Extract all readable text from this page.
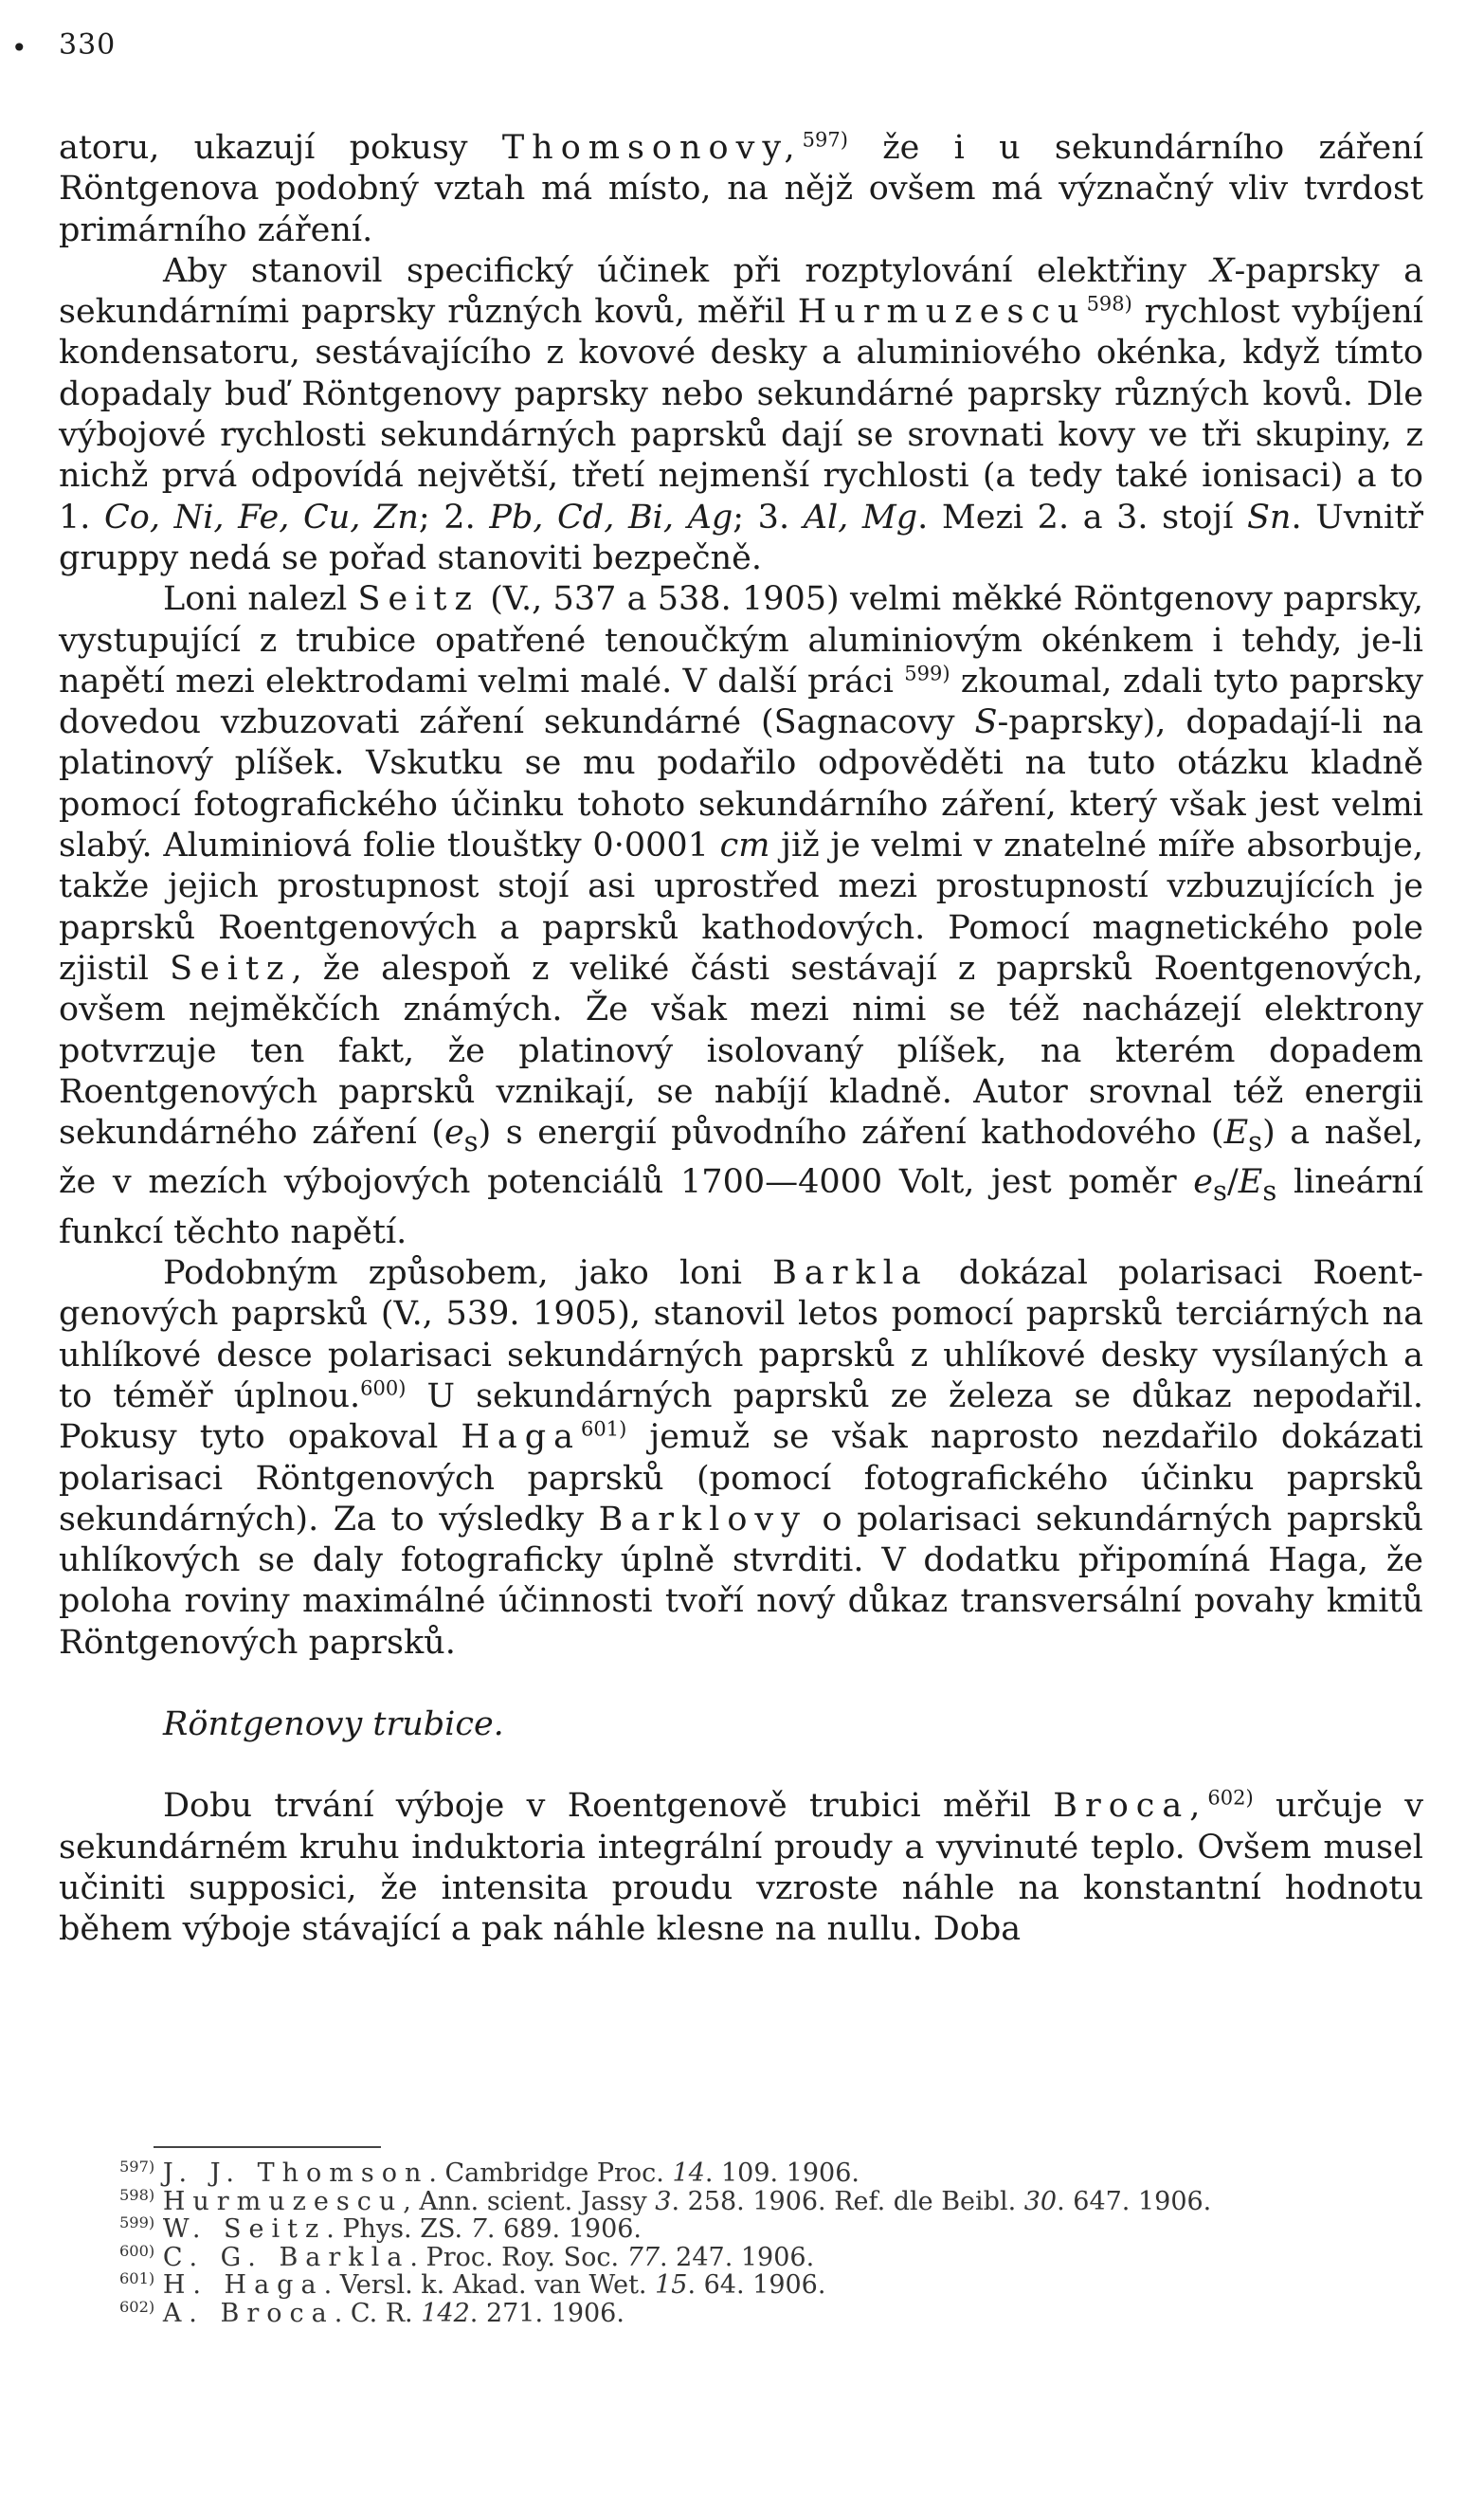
• 330

atoru, ukazují pokusy Thomsonovy,$^{597)}$ že i u sekundárního záření Röntgenova podobný vztah má místo, na nějž ovšem má význačný vliv tvrdost primárního záření.

Aby stanovil specifický účinek při rozptylování elektřiny X-paprsky a sekundárními paprsky různých kovů, měřil Hurmuzescu$^{598)}$ rychlost vybíjení kondensatoru, sestávajícího z kovové desky a aluminiového okénka, když tímto dopadaly buď Röntgenovy paprsky nebo sekundárné paprsky různých kovů. Dle výbojové rychlosti sekundárných paprsků dají se srovnati kovy ve tři skupiny, z nichž prvá odpovídá největší, třetí nejmenší rychlosti (a tedy také ionisaci) a to 1. Co, Ni, Fe, Cu, Zn; 2. Pb, Cd, Bi, Ag; 3. Al, Mg. Mezi 2. a 3. stojí Sn. Uvnitř gruppy nedá se pořad stanoviti bezpečně.

Loni nalezl Seitz (V., 537 a 538. 1905) velmi měkké Röntgenovy paprsky, vystupující z trubice opatřené tenoučkým aluminiovým okénkem i tehdy, je-li napětí mezi elektrodami velmi malé. V další práci $^{599)}$ zkoumal, zdali tyto paprsky dovedou vzbuzovati záření sekundárné (Sagnacovy S-paprsky), dopadají-li na platinový plíšek. Vskutku se mu podařilo odpověděti na tuto otázku kladně pomocí fotografického účinku tohoto sekundárního záření, který však jest velmi slabý. Aluminiová folie tlouštky 0·0001 cm již je velmi v znatelné míře absorbuje, takže jejich prostupnost stojí asi uprostřed mezi prostupností vzbuzujících je paprsků Roentgenových a paprsků kathodových. Pomocí magnetického pole zjistil Seitz, že alespoň z veliké části sestávají z paprsků Roentgenových, ovšem nejměkčích známých. Že však mezi nimi se též nacházejí elektrony potvrzuje ten fakt, že platinový isolovaný plíšek, na kterém dopadem Roentgenových paprsků vznikají, se nabíjí kladně. Autor srovnal též energii sekundárného záření $(e_s)$ s energií původního záření kathodového $(E_s)$ a našel, že v mezích výbojových potenciálů 1700—4000 Volt, jest poměr $e_s/E_s$ lineární funkcí těchto napětí.

Podobným způsobem, jako loni Barkla dokázal polarisaci Roentgenových paprsků (V., 539. 1905), stanovil letos pomocí paprsků terciárných na uhlíkové desce polarisaci sekundárných paprsků z uhlíkové desky vysílaných a to téměř úplnou.$^{600)}$ U sekundárných paprsků ze železa se důkaz nepodařil. Pokusy tyto opakoval Haga$^{601)}$ jemuž se však naprosto nezdařilo dokázati polarisaci Röntgenových paprsků (pomocí fotografického účinku paprsků sekundárných). Za to výsledky Barklovy o polarisaci sekundárných paprsků uhlíkových se daly fotograficky úplně stvrditi. V dodatku připomíná Haga, že poloha roviny maximálné účinnosti tvoří nový důkaz transversální povahy kmitů Röntgenových paprsků.

Röntgenovy trubice.

Dobu trvání výboje v Roentgenově trubici měřil Broca,$^{602)}$ určuje v sekundárném kruhu induktoria integrální proudy a vyvinuté teplo. Ovšem musel učiniti supposici, že intensita proudu vzroste náhle na konstantní hodnotu během výboje stávající a pak náhle klesne na nullu. Doba

$^{597)}$ J. J. Thomson. Cambridge Proc. 14. 109. 1906.

$^{598)}$ Hurmuzescu, Ann. scient. Jassy 3. 258. 1906. Ref. dle Beibl. 30. 647. 1906.

$^{599)}$ W. Seitz. Phys. ZS. 7. 689. 1906.

$^{600)}$ C. G. Barkla. Proc. Roy. Soc. 77. 247. 1906.

$^{601)}$ H. Haga. Versl. k. Akad. van Wet. 15. 64. 1906.

$^{602)}$ A. Broca. C. R. 142. 271. 1906.
